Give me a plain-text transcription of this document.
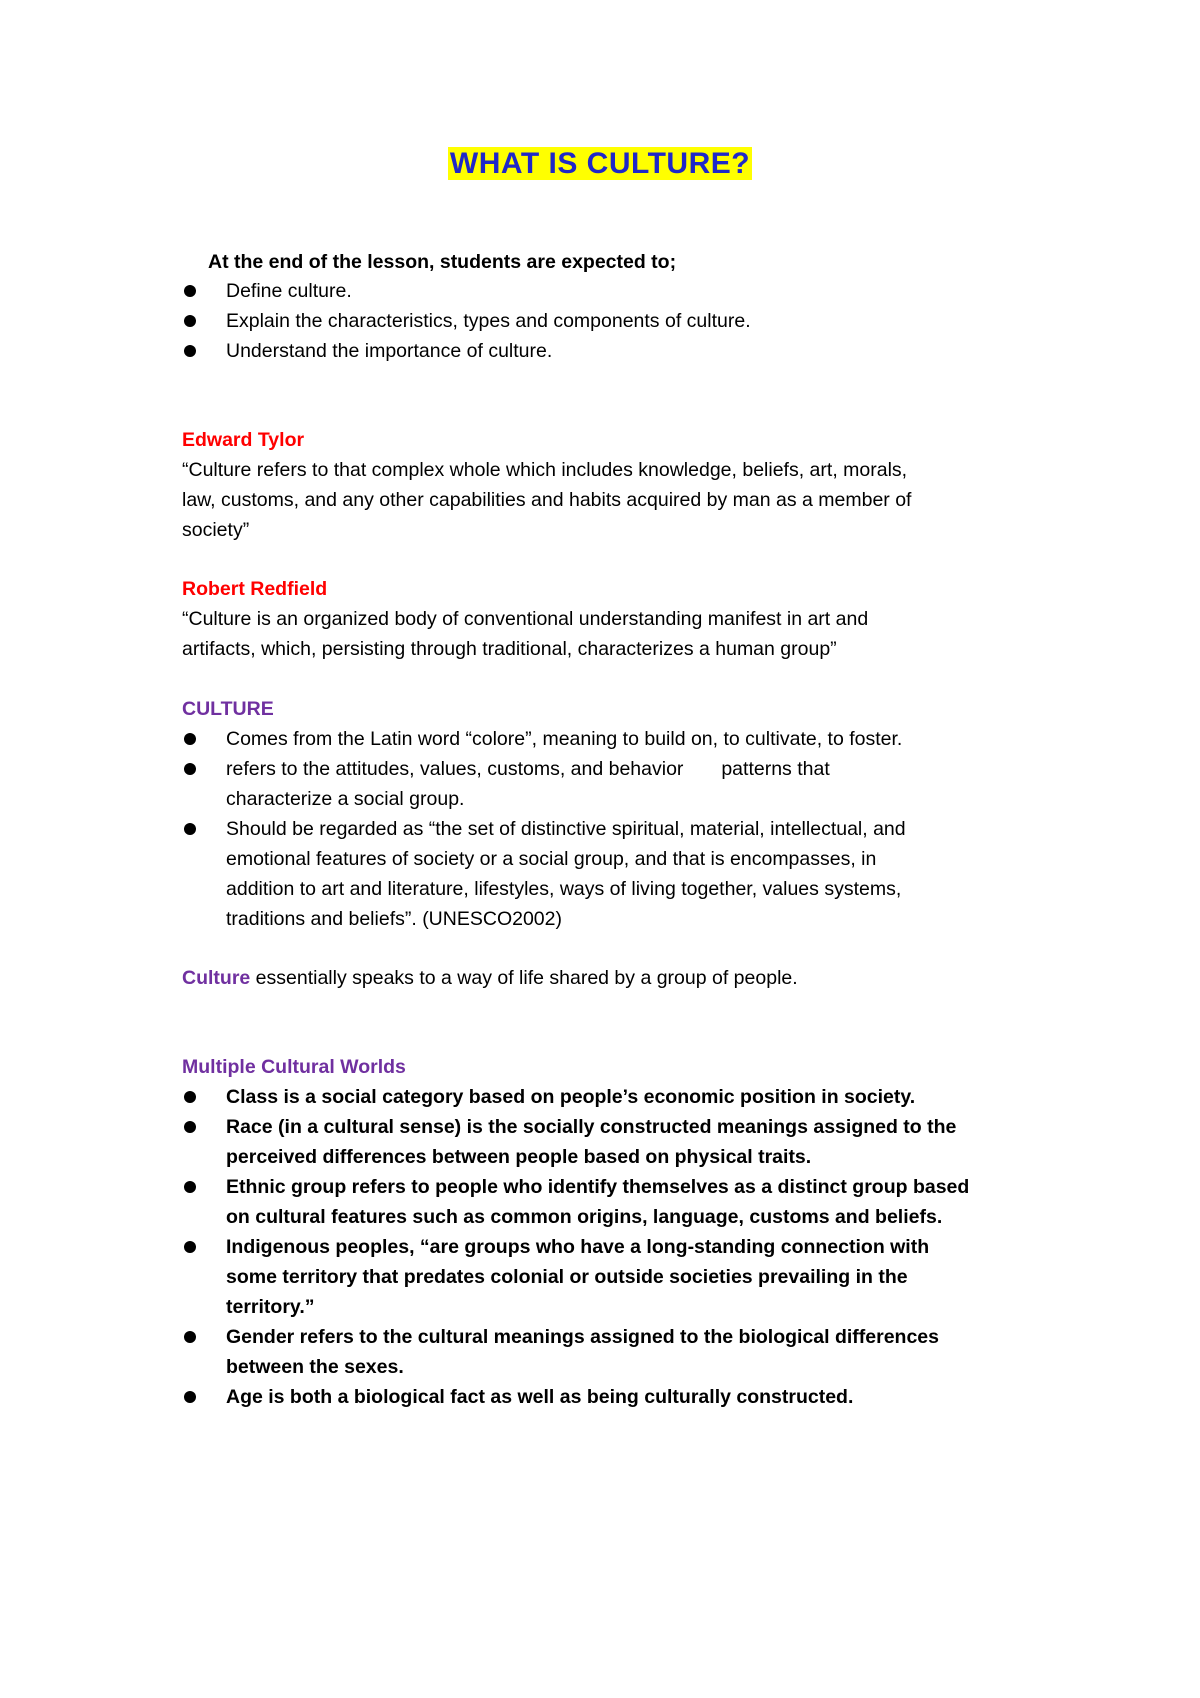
WHAT IS CULTURE?
At the end of the lesson, students are expected to;
Define culture.
Explain the characteristics, types and components of culture.
Understand the importance of culture.
Edward Tylor
“Culture refers to that complex whole which includes knowledge, beliefs, art, morals,
law, customs, and any other capabilities and habits acquired by man as a member of
society”
Robert Redfield
“Culture is an organized body of conventional understanding manifest in art and
artifacts, which, persisting through traditional, characterizes a human group”
CULTURE
Comes from the Latin word “colore”, meaning to build on, to cultivate, to foster.
refers to the attitudes, values, customs, and behavior       patterns that
characterize a social group.
Should be regarded as “the set of distinctive spiritual, material, intellectual, and
emotional features of society or a social group, and that is encompasses, in
addition to art and literature, lifestyles, ways of living together, values systems,
traditions and beliefs”. (UNESCO2002)
Culture essentially speaks to a way of life shared by a group of people.
Multiple Cultural Worlds
Class is a social category based on people’s economic position in society.
Race (in a cultural sense) is the socially constructed meanings assigned to the
perceived differences between people based on physical traits.
Ethnic group refers to people who identify themselves as a distinct group based
on cultural features such as common origins, language, customs and beliefs.
Indigenous peoples, “are groups who have a long-standing connection with
some territory that predates colonial or outside societies prevailing in the
territory.”
Gender refers to the cultural meanings assigned to the biological differences
between the sexes.
Age is both a biological fact as well as being culturally constructed.
